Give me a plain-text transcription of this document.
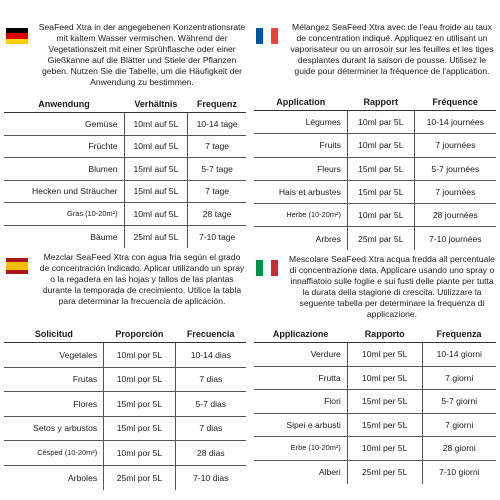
SeaFeed Xtra in der angegebenen Konzentrationsrate mit kaltem Wasser vermischen. Während der Vegetationszeit mit einer Sprühflasche oder einer Gießkanne auf die Blätter und Stiele der Pflanzen geben. Nutzen Sie die Tabelle, um die Häufigkeit der Anwendung zu bestimmen.
Anwendung	Verhältnis	Frequenz
Gemüse	10ml auf 5L	10-14 tage
Früchte	10ml auf 5L	7 tage
Blumen	15ml auf 5L	5-7 tage
Hecken und Sträucher	15ml auf 5L	7 tage
Gras (10-20m²)	10ml auf 5L	28 tage
Bäume	25ml auf 5L	7-10 tage
Mélangez SeaFeed Xtra avec de l'eau froide au taux de concentration indiqué. Appliquez en utilisant un vaporisateur ou un arrosoir sur les feuilles et les tiges desplantes durant la saison de pousse. Utilisez le guide pour déterminer la fréquence de l'application.
Application	Rapport	Fréquence
Légumes	10ml par 5L	10-14 journées
Fruits	10ml par 5L	7 journées
Fleurs	15ml par 5L	5-7 journées
Hais et arbustes	15ml par 5L	7 journées
Herbe (10-20m²)	10ml par 5L	28 journées
Arbres	25ml par 5L	7-10 journées
Mezclar SeaFeed Xtra con agua fria según el grado de concentración indicado. Aplicar utilizando un spray o la regadera en las hojas y tallos de las plantas durante la temporada de crecimiento. Utilice la tabla para determinar la frecuencia de aplicación.
Solicitud	Proporción	Frecuencia
Vegetales	10ml por 5L	10-14 dias
Frutas	10ml por 5L	7 dias
Flores	15ml por 5L	5-7 dias
Setos y arbustos	15ml por 5L	7 dias
Césped (10-20m²)	10ml por 5L	28 dias
Arboles	25ml por 5L	7-10 dias
Mescolare SeaFeed Xtra acqua fredda all percentuale di concentrazione data. Applicare usando uno spray o innaffiatoio sulle foglie e sui fusti delle piante per tutta la durata della stagione di crescita. Utilizzare la seguente tabella per determinare la frequenza di applicazione.
Applicazione	Rapporto	Frequenza
Verdure	10ml per 5L	10-14 giorni
Frutta	10ml per 5L	7 giorni
Fiori	15ml per 5L	5-7 giorni
Sipei e arbusti	15ml per 5L	7 giorni
Erbe (10-20m²)	10ml per 5L	28 giorni
Alberi	25ml per 5L	7-10 giorni
